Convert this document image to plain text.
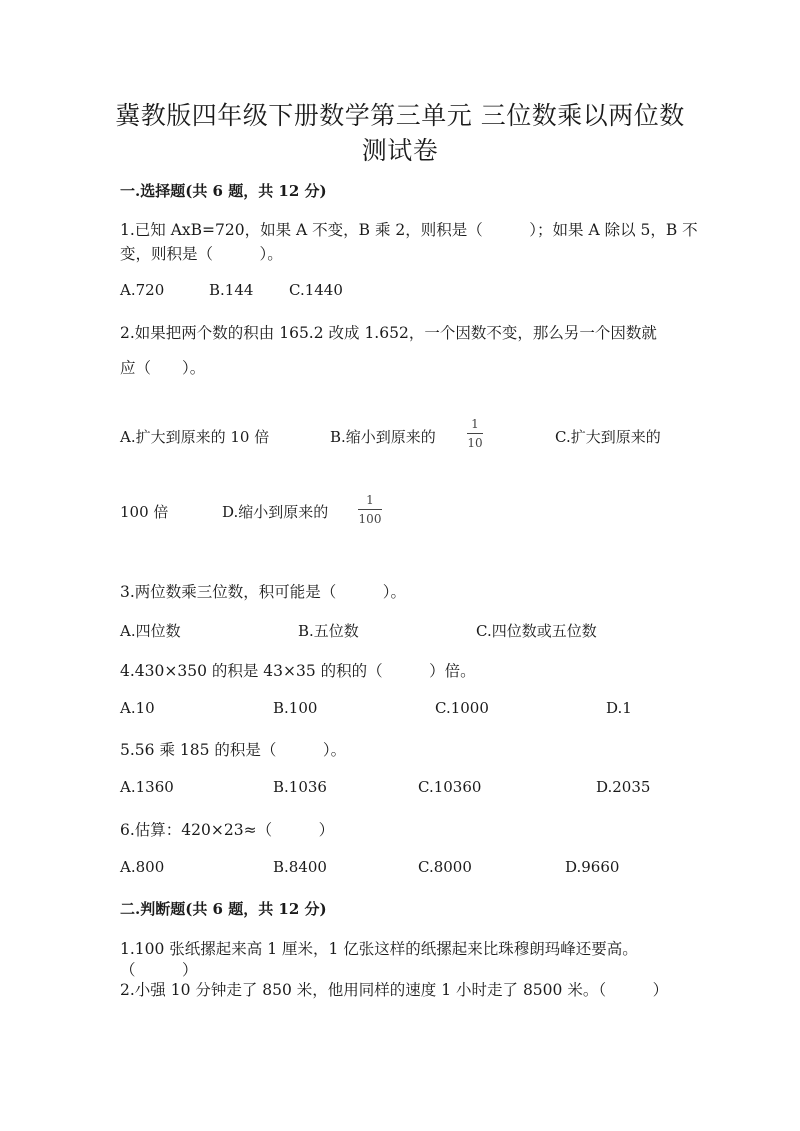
冀教版四年级下册数学第三单元 三位数乘以两位数
测试卷
一.选择题(共 6 题，共 12 分)
1.已知 AxB=720，如果 A 不变，B 乘 2，则积是（　　　）；如果 A 除以 5，B 不
变，则积是（　　　）。
A.720	B.144 C.1440
2.如果把两个数的积由 165.2 改成 1.652，一个因数不变，那么另一个因数就
应（　　）。
A.扩大到原来的 10 倍	B.缩小到原来的
1
10	C.扩大到原来的
100 倍	D.缩小到原来的
1
100
3.两位数乘三位数，积可能是（　　　）。
A.四位数	B.五位数	C.四位数或五位数
4.430×350 的积是 43×35 的积的（　　　）倍。
A.10	B.100	C.1000	D.1
5.56 乘 185 的积是（　　　）。
A.1360	B.1036	C.10360	D.2035
6.估算：420×23≈（　　　）
A.800	B.8400	C.8000	D.9660
二.判断题(共 6 题，共 12 分)
1.100 张纸摞起来高 1 厘米，1 亿张这样的纸摞起来比珠穆朗玛峰还要高。
（　　　）
2.小强 10 分钟走了 850 米，他用同样的速度 1 小时走了 8500 米。（　　　）
